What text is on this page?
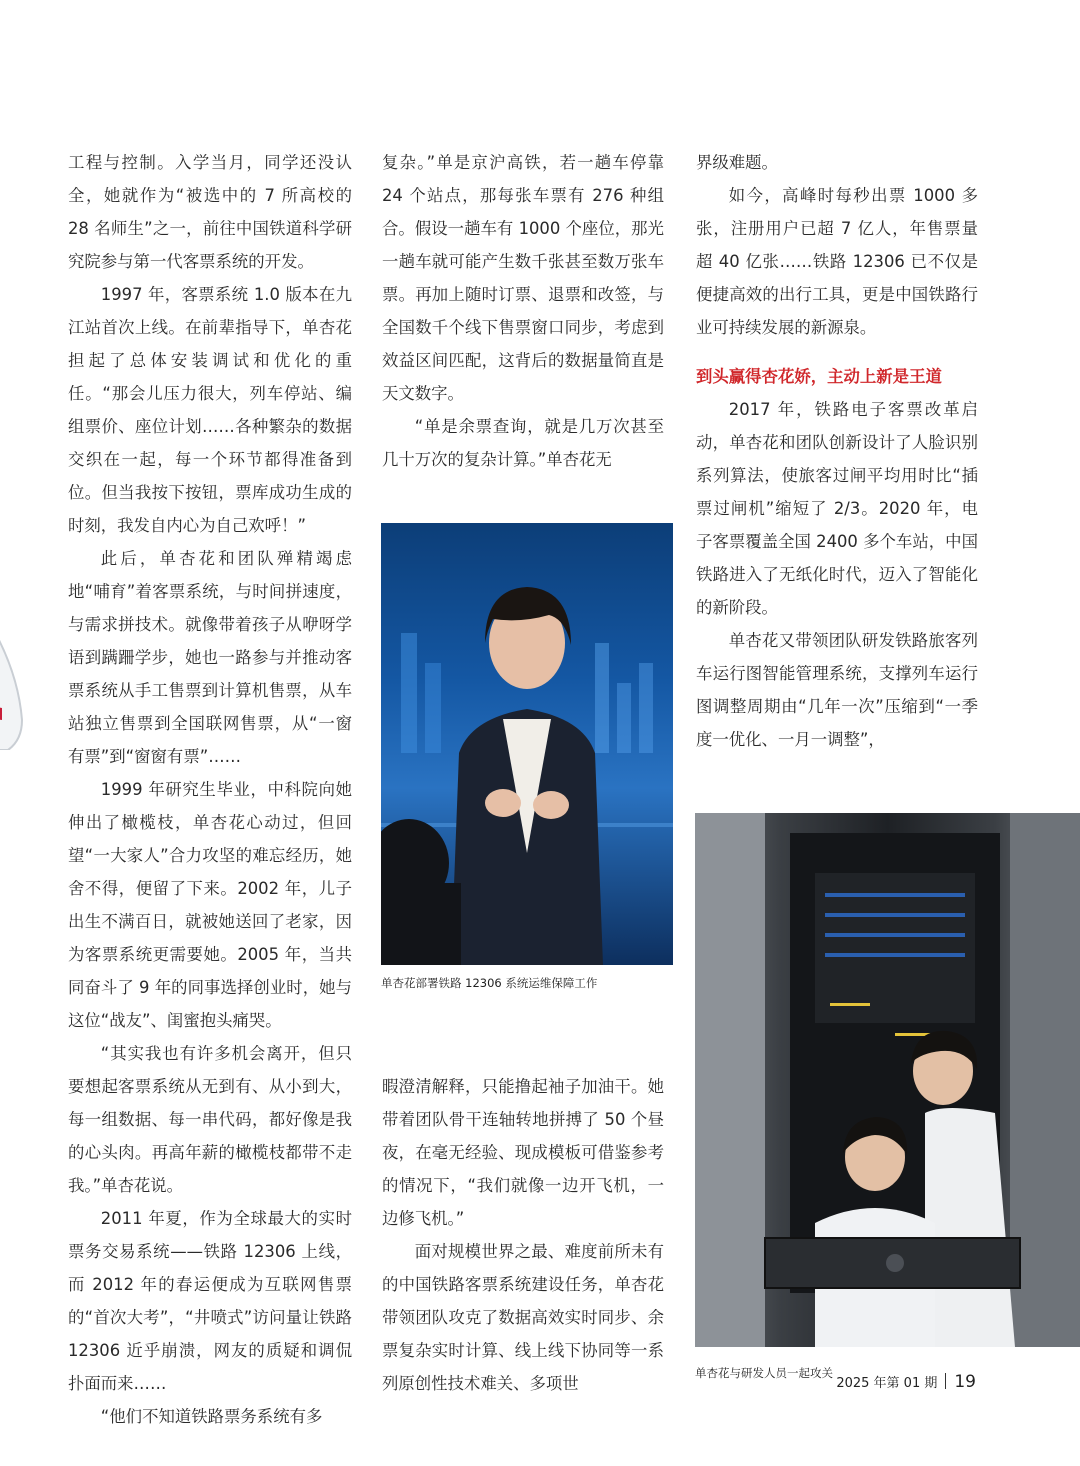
工程与控制。入学当月，同学还没认全，她就作为“被选中的 7 所高校的 28 名师生”之一，前往中国铁道科学研究院参与第一代客票系统的开发。

1997 年，客票系统 1.0 版本在九江站首次上线。在前辈指导下，单杏花担起了总体安装调试和优化的重任。“那会儿压力很大，列车停站、编组票价、座位计划……各种繁杂的数据交织在一起，每一个环节都得准备到位。但当我按下按钮，票库成功生成的时刻，我发自内心为自己欢呼！”

此后，单杏花和团队殚精竭虑地“哺育”着客票系统，与时间拼速度，与需求拼技术。就像带着孩子从咿呀学语到蹒跚学步，她也一路参与并推动客票系统从手工售票到计算机售票，从车站独立售票到全国联网售票，从“一窗有票”到“窗窗有票”……

1999 年研究生毕业，中科院向她伸出了橄榄枝，单杏花心动过，但回望“一大家人”合力攻坚的难忘经历，她舍不得，便留了下来。2002 年，儿子出生不满百日，就被她送回了老家，因为客票系统更需要她。2005 年，当共同奋斗了 9 年的同事选择创业时，她与这位“战友”、闺蜜抱头痛哭。

“其实我也有许多机会离开，但只要想起客票系统从无到有、从小到大，每一组数据、每一串代码，都好像是我的心头肉。再高年薪的橄榄枝都带不走我。”单杏花说。

2011 年夏，作为全球最大的实时票务交易系统——铁路 12306 上线，而 2012 年的春运便成为互联网售票的“首次大考”，“井喷式”访问量让铁路 12306 近乎崩溃，网友的质疑和调侃扑面而来……

“他们不知道铁路票务系统有多

复杂。”单是京沪高铁，若一趟车停靠 24 个站点，那每张车票有 276 种组合。假设一趟车有 1000 个座位，那光一趟车就可能产生数千张甚至数万张车票。再加上随时订票、退票和改签，与全国数千个线下售票窗口同步，考虑到效益区间匹配，这背后的数据量简直是天文数字。

“单是余票查询，就是几万次甚至几十万次的复杂计算。”单杏花无

单杏花部署铁路 12306 系统运维保障工作

暇澄清解释，只能撸起袖子加油干。她带着团队骨干连轴转地拼搏了 50 个昼夜，在毫无经验、现成模板可借鉴参考的情况下，“我们就像一边开飞机，一边修飞机。”

面对规模世界之最、难度前所未有的中国铁路客票系统建设任务，单杏花带领团队攻克了数据高效实时同步、余票复杂实时计算、线上线下协同等一系列原创性技术难关、多项世

界级难题。

如今，高峰时每秒出票 1000 多张，注册用户已超 7 亿人，年售票量超 40 亿张……铁路 12306 已不仅是便捷高效的出行工具，更是中国铁路行业可持续发展的新源泉。

到头赢得杏花娇，主动上新是王道

2017 年，铁路电子客票改革启动，单杏花和团队创新设计了人脸识别系列算法，使旅客过闸平均用时比“插票过闸机”缩短了 2/3。2020 年，电子客票覆盖全国 2400 多个车站，中国铁路进入了无纸化时代，迈入了智能化的新阶段。

单杏花又带领团队研发铁路旅客列车运行图智能管理系统，支撑列车运行图调整周期由“几年一次”压缩到“一季度一优化、一月一调整”，

单杏花与研发人员一起攻关
2025 年第 01 期 19
